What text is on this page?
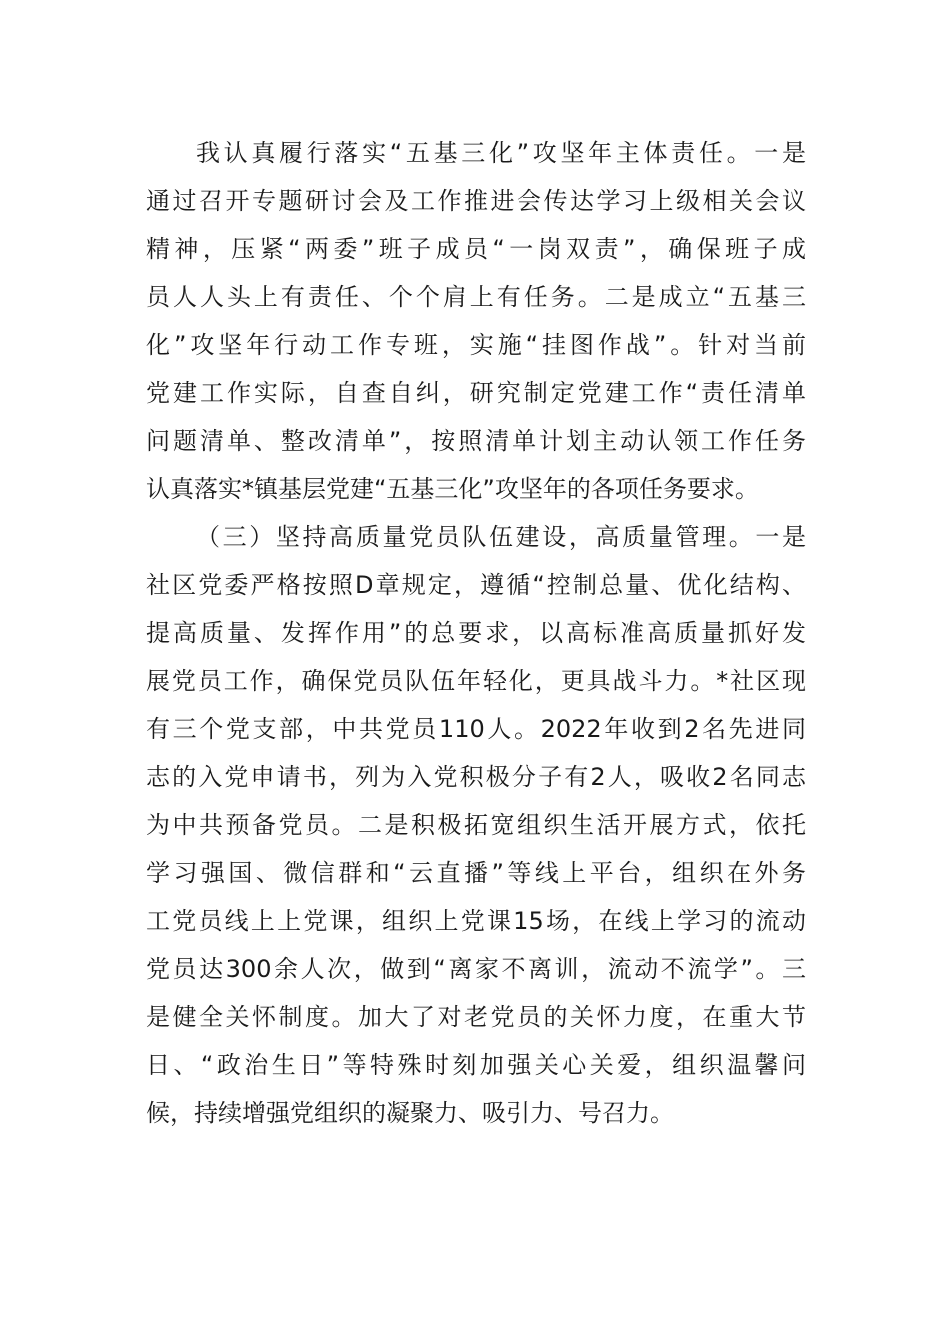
我认真履行落实“五基三化”攻坚年主体责任。一是
通过召开专题研讨会及工作推进会传达学习上级相关会议
精神，压紧“两委”班子成员“一岗双责”，确保班子成
员人人头上有责任、个个肩上有任务。二是成立“五基三
化”攻坚年行动工作专班，实施“挂图作战”。针对当前
党建工作实际，自查自纠，研究制定党建工作“责任清单
问题清单、整改清单”，按照清单计划主动认领工作任务
认真落实*镇基层党建“五基三化”攻坚年的各项任务要求。
（三）坚持高质量党员队伍建设，高质量管理。一是
社区党委严格按照D章规定，遵循“控制总量、优化结构、
提高质量、发挥作用”的总要求，以高标准高质量抓好发
展党员工作，确保党员队伍年轻化，更具战斗力。*社区现
有三个党支部，中共党员110人。2022年收到2名先进同
志的入党申请书，列为入党积极分子有2人，吸收2名同志
为中共预备党员。二是积极拓宽组织生活开展方式，依托
学习强国、微信群和“云直播”等线上平台，组织在外务
工党员线上上党课，组织上党课15场，在线上学习的流动
党员达300余人次，做到“离家不离训，流动不流学”。三
是健全关怀制度。加大了对老党员的关怀力度，在重大节
日、“政治生日”等特殊时刻加强关心关爱，组织温馨问
候，持续增强党组织的凝聚力、吸引力、号召力。
